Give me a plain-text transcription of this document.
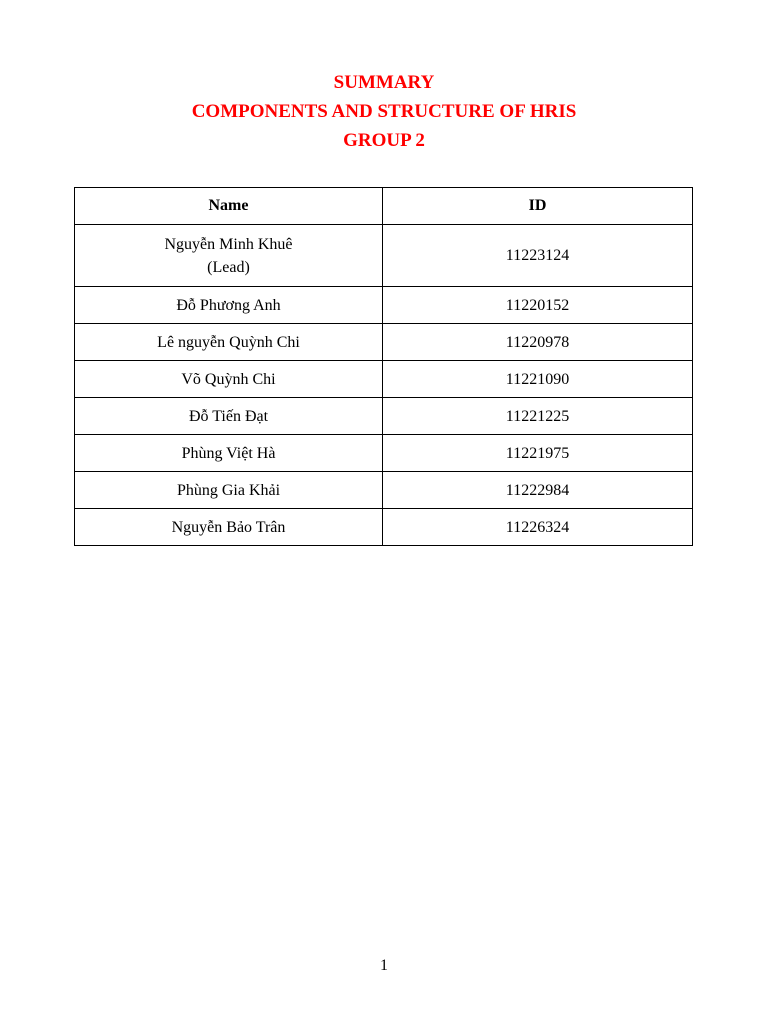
SUMMARY
COMPONENTS AND STRUCTURE OF HRIS
GROUP 2
Name	ID

Nguyễn Minh Khuê
(Lead)	11223124
Đỗ Phương Anh	11220152
Lê nguyễn Quỳnh Chi	11220978
Võ Quỳnh Chi	11221090
Đỗ Tiến Đạt	11221225
Phùng Việt Hà	11221975
Phùng Gia Khải	11222984
Nguyễn Bảo Trân	11226324
1
